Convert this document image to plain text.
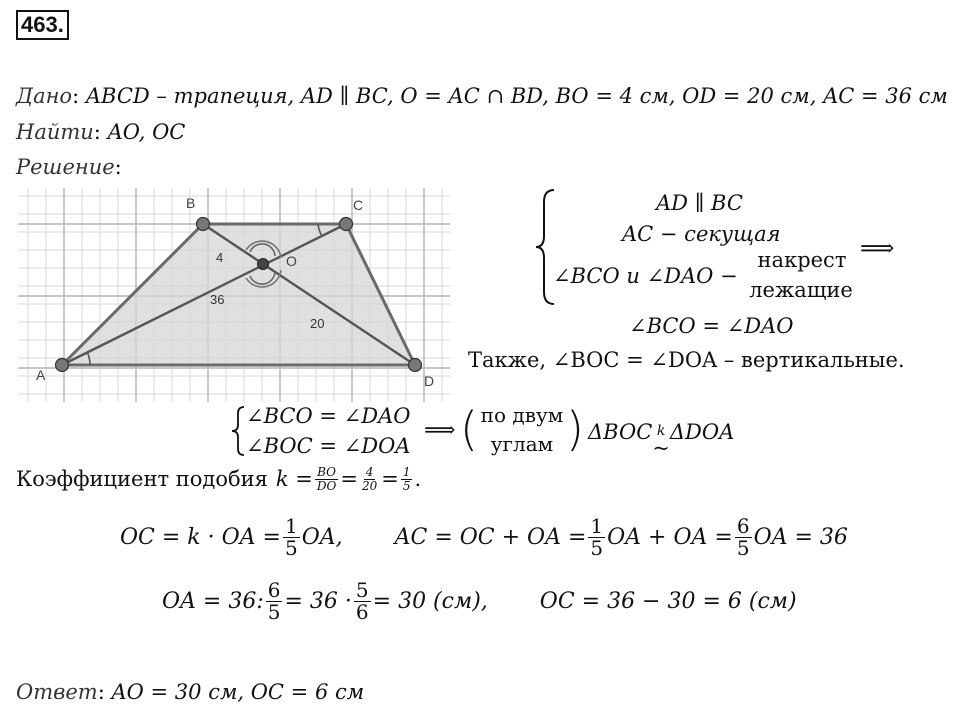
463.
Дано: ABCD – трапеция, AD ∥ BC, O = AC ∩ BD, BO = 4 см, OD = 20 см, AC = 36 см
Найти: AO, OC
Решение:
A
B	C
D
O
4
36
20
AD ∥ BC
AC − секущая
∠BCO и ∠DAO −
накрест
лежащие
⟹
∠BCO = ∠DAO
Также, ∠BOC = ∠DOA – вертикальные.
∠BCO = ∠DAO
∠BOC = ∠DOA
⟹ ( по двум
углам ) ΔBOC k
~
ΔDOA
Коэффициент подобия $k = \frac{BO}{DO} = \frac{4}{20} = \frac{1}{5}$ .
OC = k · OA = $\frac{1}{5}$ OA, AC = OC + OA = $\frac{1}{5}$ OA + OA = $\frac{6}{5}$ OA = 36
OA = 36: $\frac{6}{5} = 36 \cdot \frac{5}{6} = 30$ (см), OC = 36 − 30 = 6 (см)
Ответ: AO = 30 см, OC = 6 см
